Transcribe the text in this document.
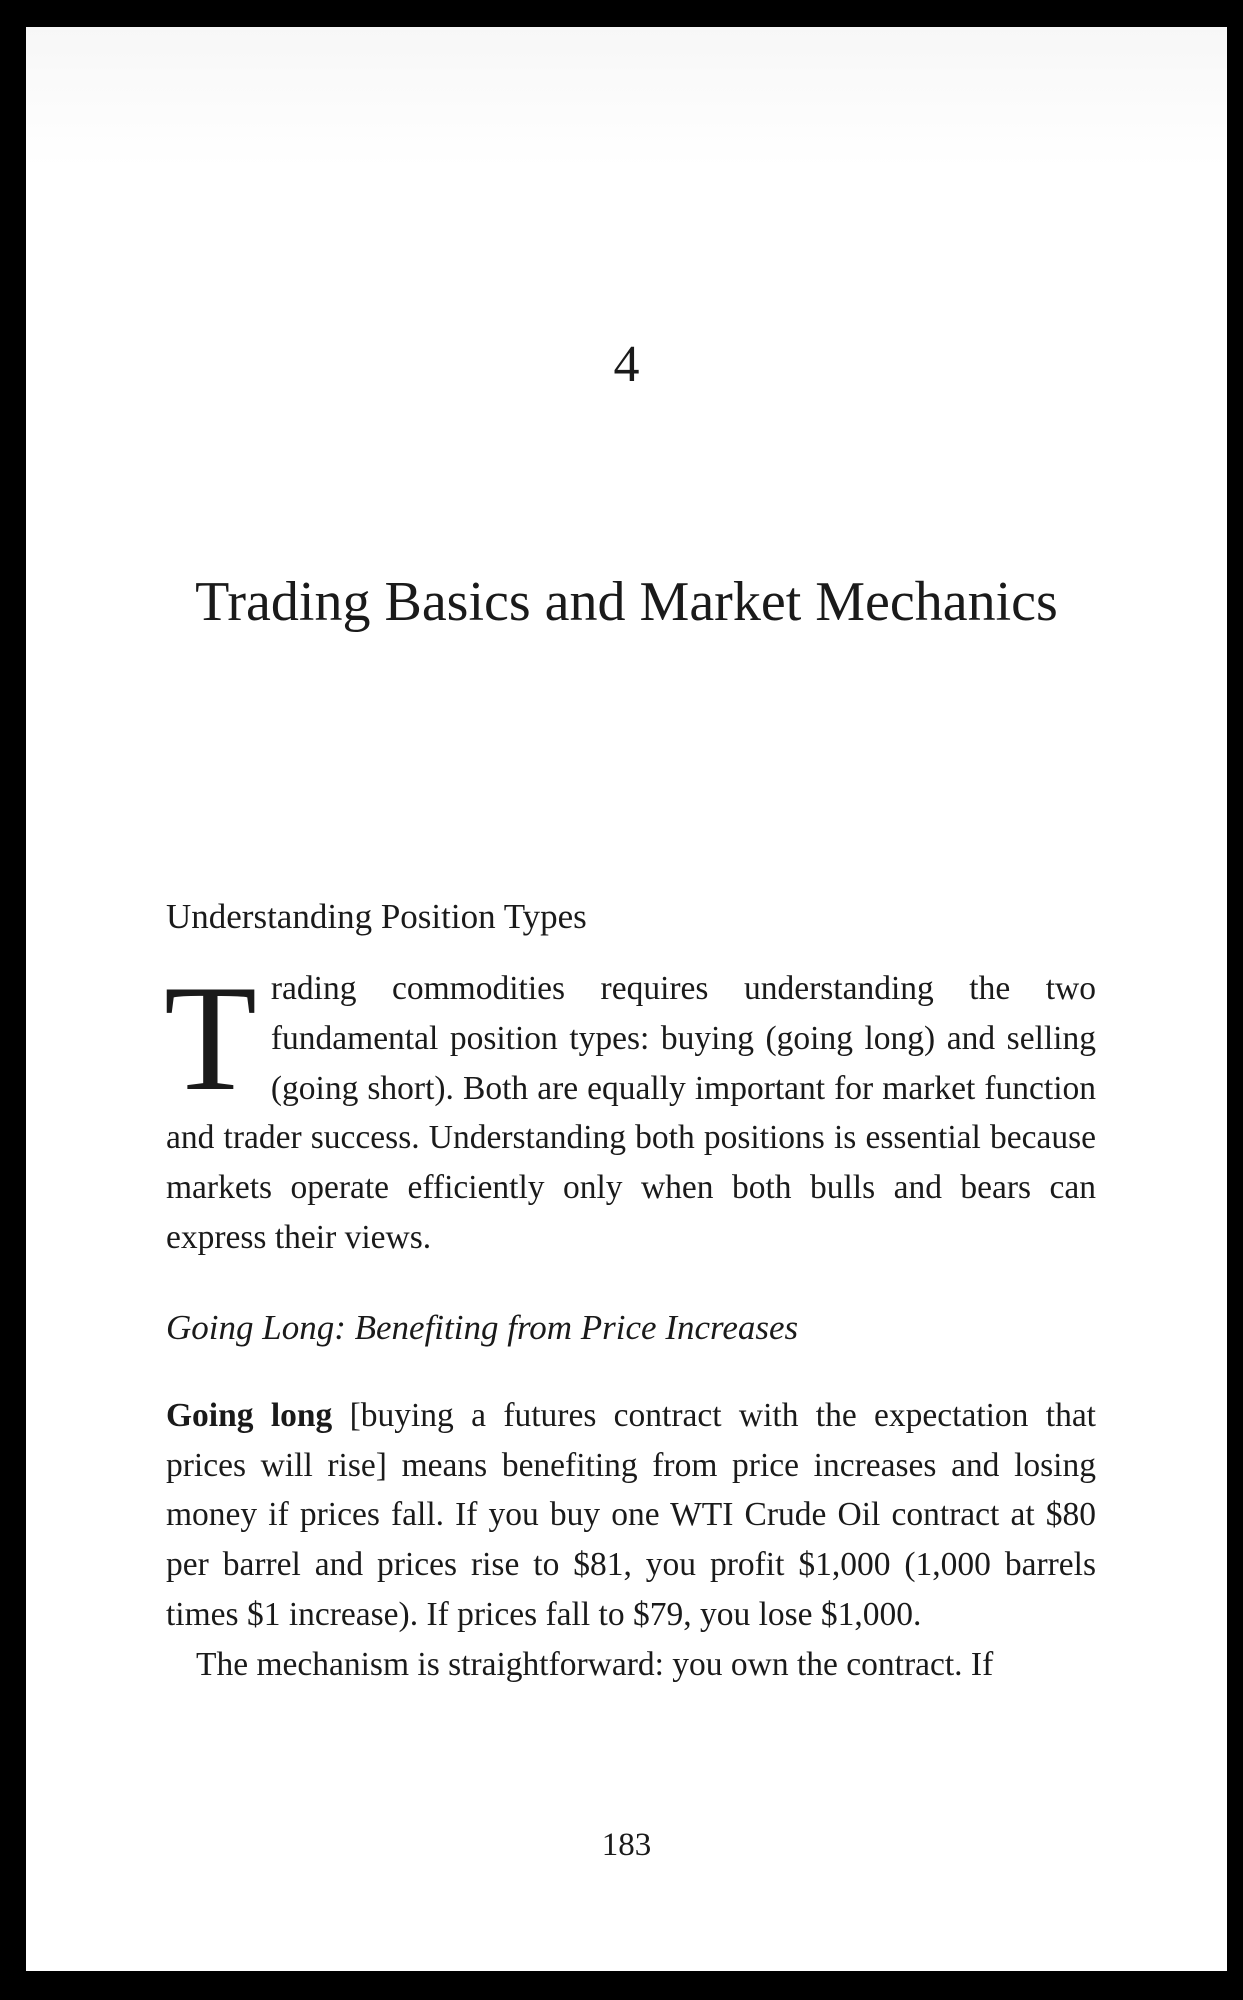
4
Trading Basics and Market Mechanics
Understanding Position Types

Trading commodities requires understanding the two fundamental position types: buying (going long) and selling (going short). Both are equally important for market function and trader success. Understanding both positions is essential because markets operate efficiently only when both bulls and bears can express their views.

Going Long: Benefiting from Price Increases

Going long [buying a futures contract with the expectation that prices will rise] means benefiting from price increases and losing money if prices fall. If you buy one WTI Crude Oil contract at $80 per barrel and prices rise to $81, you profit $1,000 (1,000 barrels times $1 increase). If prices fall to $79, you lose $1,000.

The mechanism is straightforward: you own the contract. If

183
